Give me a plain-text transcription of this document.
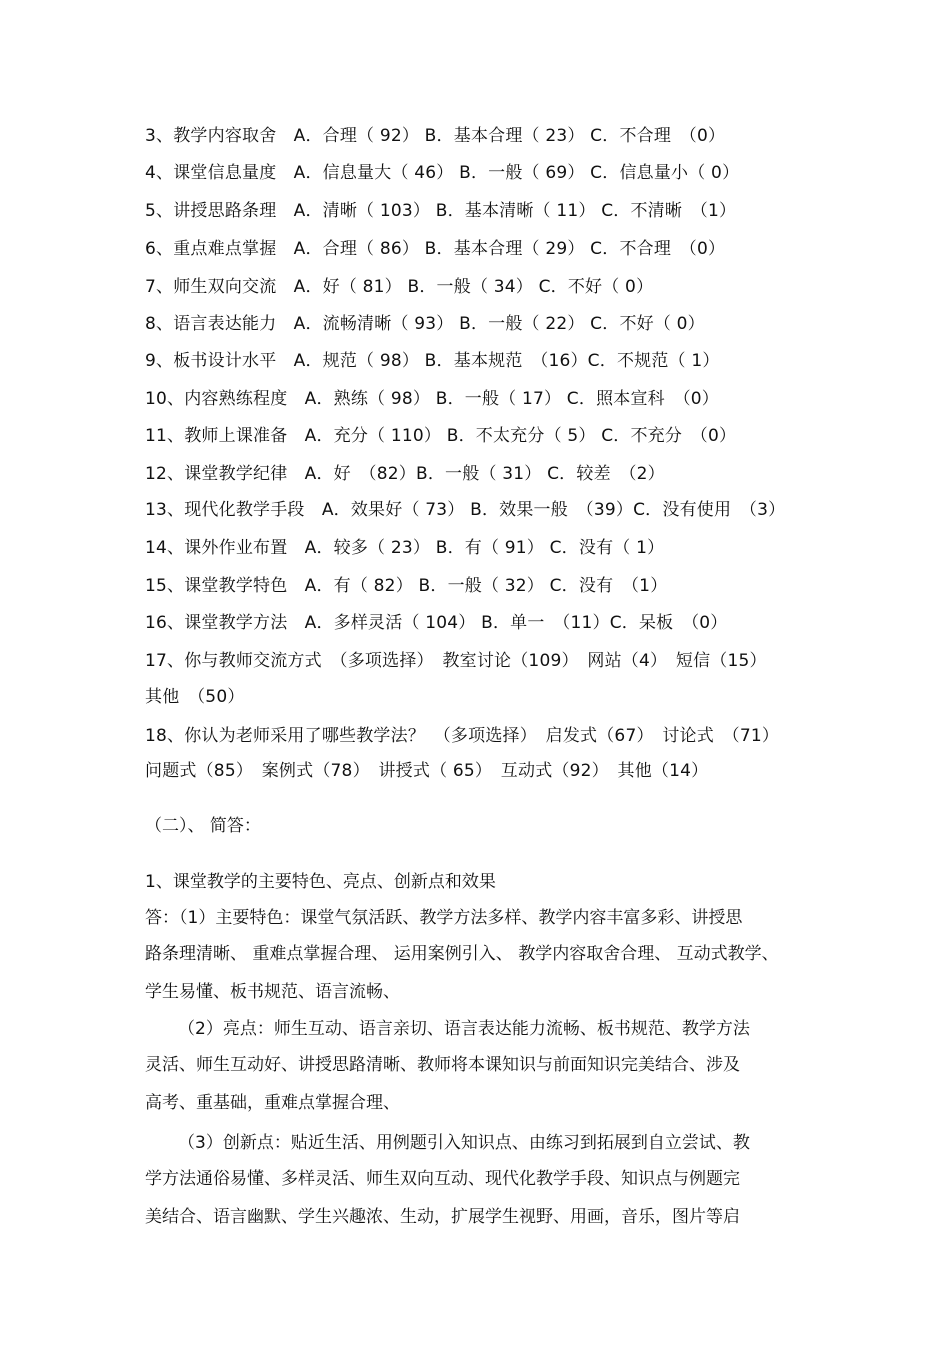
3、教学内容取舍　A．合理（ 92） B．基本合理（ 23） C．不合理　（0）
4、课堂信息量度　A．信息量大（ 46） B．一般（ 69） C．信息量小（ 0）
5、讲授思路条理　A．清晰（ 103） B．基本清晰（ 11） C．不清晰　（1）
6、重点难点掌握　A．合理（ 86） B．基本合理（ 29） C．不合理　（0）
7、师生双向交流　A．好（ 81） B．一般（ 34） C．不好（ 0）
8、语言表达能力　A．流畅清晰（ 93） B．一般（ 22） C．不好（ 0）
9、板书设计水平　A．规范（ 98） B．基本规范　（16）C．不规范（ 1）
10、内容熟练程度　A．熟练（ 98） B．一般（ 17） C．照本宣科　（0）
11、教师上课准备　A．充分（ 110） B．不太充分（ 5） C．不充分　（0）
12、课堂教学纪律　A．好　（82）B．一般（ 31） C．较差　（2）
13、现代化教学手段　A．效果好（ 73） B．效果一般　（39）C．没有使用　（3）
14、课外作业布置　A．较多（ 23） B．有（ 91） C．没有（ 1）
15、课堂教学特色　A．有（ 82） B．一般（ 32） C．没有　（1）
16、课堂教学方法　A．多样灵活（ 104） B．单一　（11）C．呆板　（0）
17、你与教师交流方式　（多项选择）　教室讨论（109）　网站（4）　短信（15）
其他　（50）
18、你认为老师采用了哪些教学法？　（多项选择）　启发式（67）　讨论式　（71）
问题式（85）　案例式（78）　讲授式（ 65）　互动式（92）　其他（14）
（二）、 简答：
1、课堂教学的主要特色、亮点、创新点和效果
答：（1）主要特色：课堂气氛活跃、教学方法多样、教学内容丰富多彩、讲授思
路条理清晰、 重难点掌握合理、 运用案例引入、 教学内容取舍合理、 互动式教学、
学生易懂、板书规范、语言流畅、
（2）亮点：师生互动、语言亲切、语言表达能力流畅、板书规范、教学方法
灵活、师生互动好、讲授思路清晰、教师将本课知识与前面知识完美结合、涉及
高考、重基础，重难点掌握合理、
（3）创新点：贴近生活、用例题引入知识点、由练习到拓展到自立尝试、教
学方法通俗易懂、多样灵活、师生双向互动、现代化教学手段、知识点与例题完
美结合、语言幽默、学生兴趣浓、生动，扩展学生视野、用画，音乐，图片等启
